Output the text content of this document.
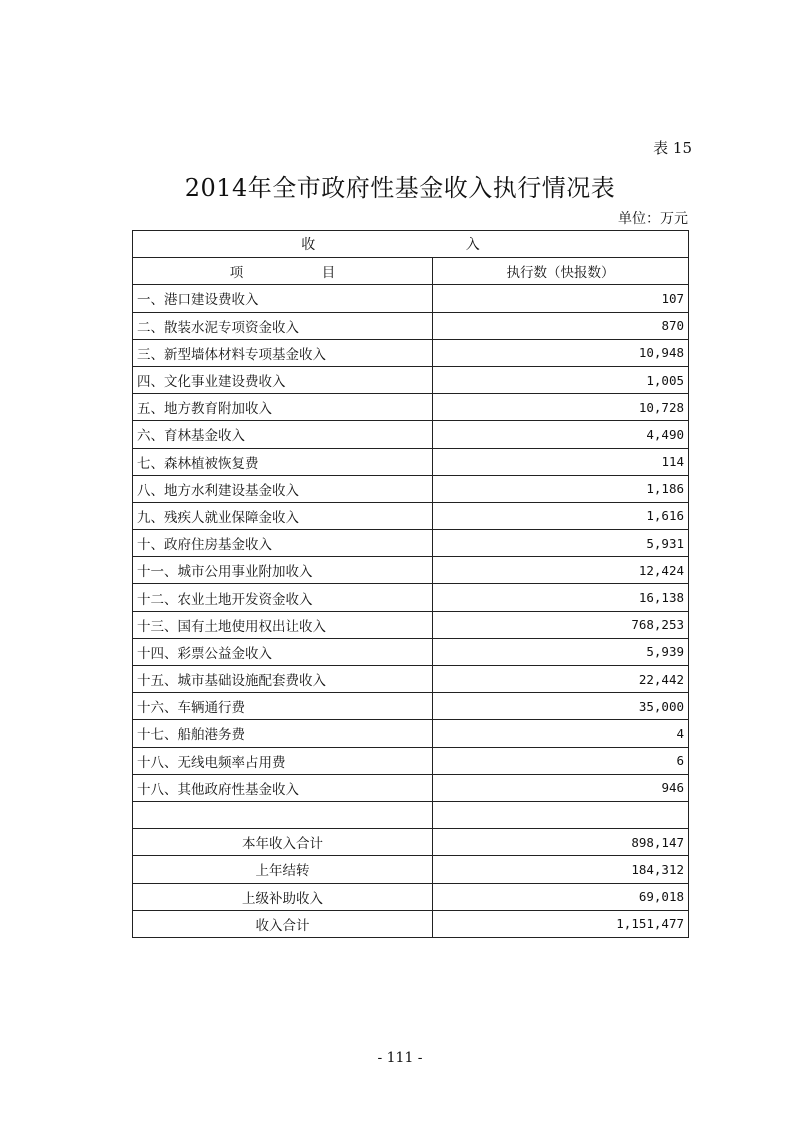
表 15
2014年全市政府性基金收入执行情况表
单位：万元
收 入	
项 目	执行数（快报数）
一、港口建设费收入	107
二、散装水泥专项资金收入	870
三、新型墙体材料专项基金收入	10,948
四、文化事业建设费收入	1,005
五、地方教育附加收入	10,728
六、育林基金收入	4,490
七、森林植被恢复费	114
八、地方水利建设基金收入	1,186
九、残疾人就业保障金收入	1,616
十、政府住房基金收入	5,931
十一、城市公用事业附加收入	12,424
十二、农业土地开发资金收入	16,138
十三、国有土地使用权出让收入	768,253
十四、彩票公益金收入	5,939
十五、城市基础设施配套费收入	22,442
十六、车辆通行费	35,000
十七、船舶港务费	4
十八、无线电频率占用费	6
十八、其他政府性基金收入	946

本年收入合计	898,147
上年结转	184,312
上级补助收入	69,018
收入合计	1,151,477
- 111 -
